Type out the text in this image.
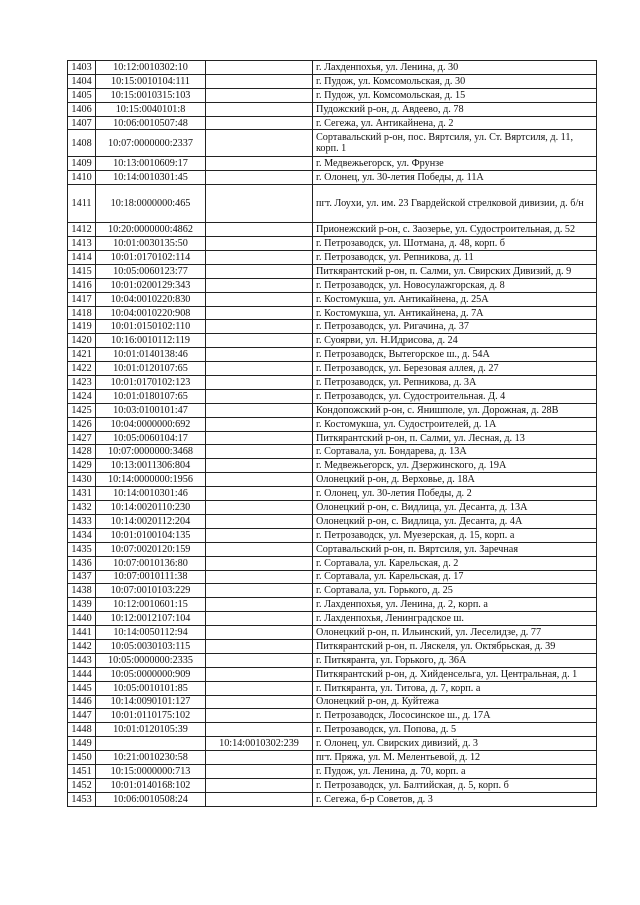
1403	10:12:0010302:10		г. Лахденпохья, ул. Ленина, д. 30
1404	10:15:0010104:111		г. Пудож, ул. Комсомольская, д. 30
1405	10:15:0010315:103		г. Пудож, ул. Комсомольская, д. 15
1406	10:15:0040101:8		Пудожский р-он, д. Авдеево, д. 78
1407	10:06:0010507:48		г. Сегежа, ул. Антикайнена, д. 2
1408	10:07:0000000:2337		Сортавальский р-он, пос. Вяртсиля, ул. Ст. Вяртсиля, д. 11, корп. 1
1409	10:13:0010609:17		г. Медвежьегорск, ул. Фрунзе
1410	10:14:0010301:45		г. Олонец, ул. 30-летия Победы, д. 11А
1411	10:18:0000000:465		пгт. Лоухи, ул. им. 23 Гвардейской стрелковой дивизии, д. б/н
1412	10:20:0000000:4862		Прионежский р-он, с. Заозерье, ул. Судостроительная, д. 52
1413	10:01:0030135:50		г. Петрозаводск, ул. Шотмана, д. 48, корп. б
1414	10:01:0170102:114		г. Петрозаводск, ул. Репникова, д. 11
1415	10:05:0060123:77		Питкярантский р-он, п. Салми, ул. Свирских Дивизий, д. 9
1416	10:01:0200129:343		г. Петрозаводск, ул. Новосулажгорская, д. 8
1417	10:04:0010220:830		г. Костомукша, ул. Антикайнена, д. 25А
1418	10:04:0010220:908		г. Костомукша, ул. Антикайнена, д. 7А
1419	10:01:0150102:110		г. Петрозаводск, ул. Ригачина, д. 37
1420	10:16:0010112:119		г. Суоярви, ул. Н.Идрисова, д. 24
1421	10:01:0140138:46		г. Петрозаводск, Вытегорское ш., д. 54А
1422	10:01:0120107:65		г. Петрозаводск, ул. Березовая аллея, д. 27
1423	10:01:0170102:123		г. Петрозаводск, ул. Репникова, д. 3А
1424	10:01:0180107:65		г. Петрозаводск, ул. Судостроительная. Д. 4
1425	10:03:0100101:47		Кондопожский р-он, с. Янишполе, ул. Дорожная, д. 28В
1426	10:04:0000000:692		г. Костомукша, ул. Судостроителей, д. 1А
1427	10:05:0060104:17		Питкярантский р-он, п. Салми, ул. Лесная, д. 13
1428	10:07:0000000:3468		г. Сортавала, ул. Бондарева, д. 13А
1429	10:13:0011306:804		г. Медвежьегорск, ул. Дзержинского, д. 19А
1430	10:14:0000000:1956		Олонецкий р-он, д. Верховье, д. 18А
1431	10:14:0010301:46		г. Олонец, ул. 30-летия Победы, д. 2
1432	10:14:0020110:230		Олонецкий р-он, с. Видлица, ул. Десанта, д. 13А
1433	10:14:0020112:204		Олонецкий р-он, с. Видлица, ул. Десанта, д. 4А
1434	10:01:0100104:135		г. Петрозаводск, ул. Муезерская, д. 15, корп. а
1435	10:07:0020120:159		Сортавальский р-он, п. Вяртсиля, ул. Заречная
1436	10:07:0010136:80		г. Сортавала, ул. Карельская, д. 2
1437	10:07:0010111:38		г. Сортавала, ул. Карельская, д. 17
1438	10:07:0010103:229		г. Сортавала, ул. Горького, д. 25
1439	10:12:0010601:15		г. Лахденпохья, ул. Ленина, д. 2, корп. а
1440	10:12:0012107:104		г. Лахденпохья, Ленинградское ш.
1441	10:14:0050112:94		Олонецкий р-он, п. Ильинский, ул. Леселидзе, д. 77
1442	10:05:0030103:115		Питкярантский р-он, п. Ляскеля, ул. Октябрьская, д. 39
1443	10:05:0000000:2335		г. Питкяранта, ул. Горького, д. 36А
1444	10:05:0000000:909		Питкярантский р-он, д. Хийденсельга, ул. Центральная, д. 1
1445	10:05:0010101:85		г. Питкяранта, ул. Титова, д. 7, корп. а
1446	10:14:0090101:127		Олонецкий р-он, д. Куйтежа
1447	10:01:0110175:102		г. Петрозаводск, Лососинское ш., д. 17А
1448	10:01:0120105:39		г. Петрозаводск, ул. Попова, д. 5
1449		10:14:0010302:239	г. Олонец, ул. Свирских дивизий, д. 3
1450	10:21:0010230:58		пгт. Пряжа, ул. М. Мелентьевой, д. 12
1451	10:15:0000000:713		г. Пудож, ул. Ленина, д. 70, корп. а
1452	10:01:0140168:102		г. Петрозаводск, ул. Балтийская, д. 5, корп. б
1453	10:06:0010508:24		г. Сегежа, б-р Советов, д. 3
